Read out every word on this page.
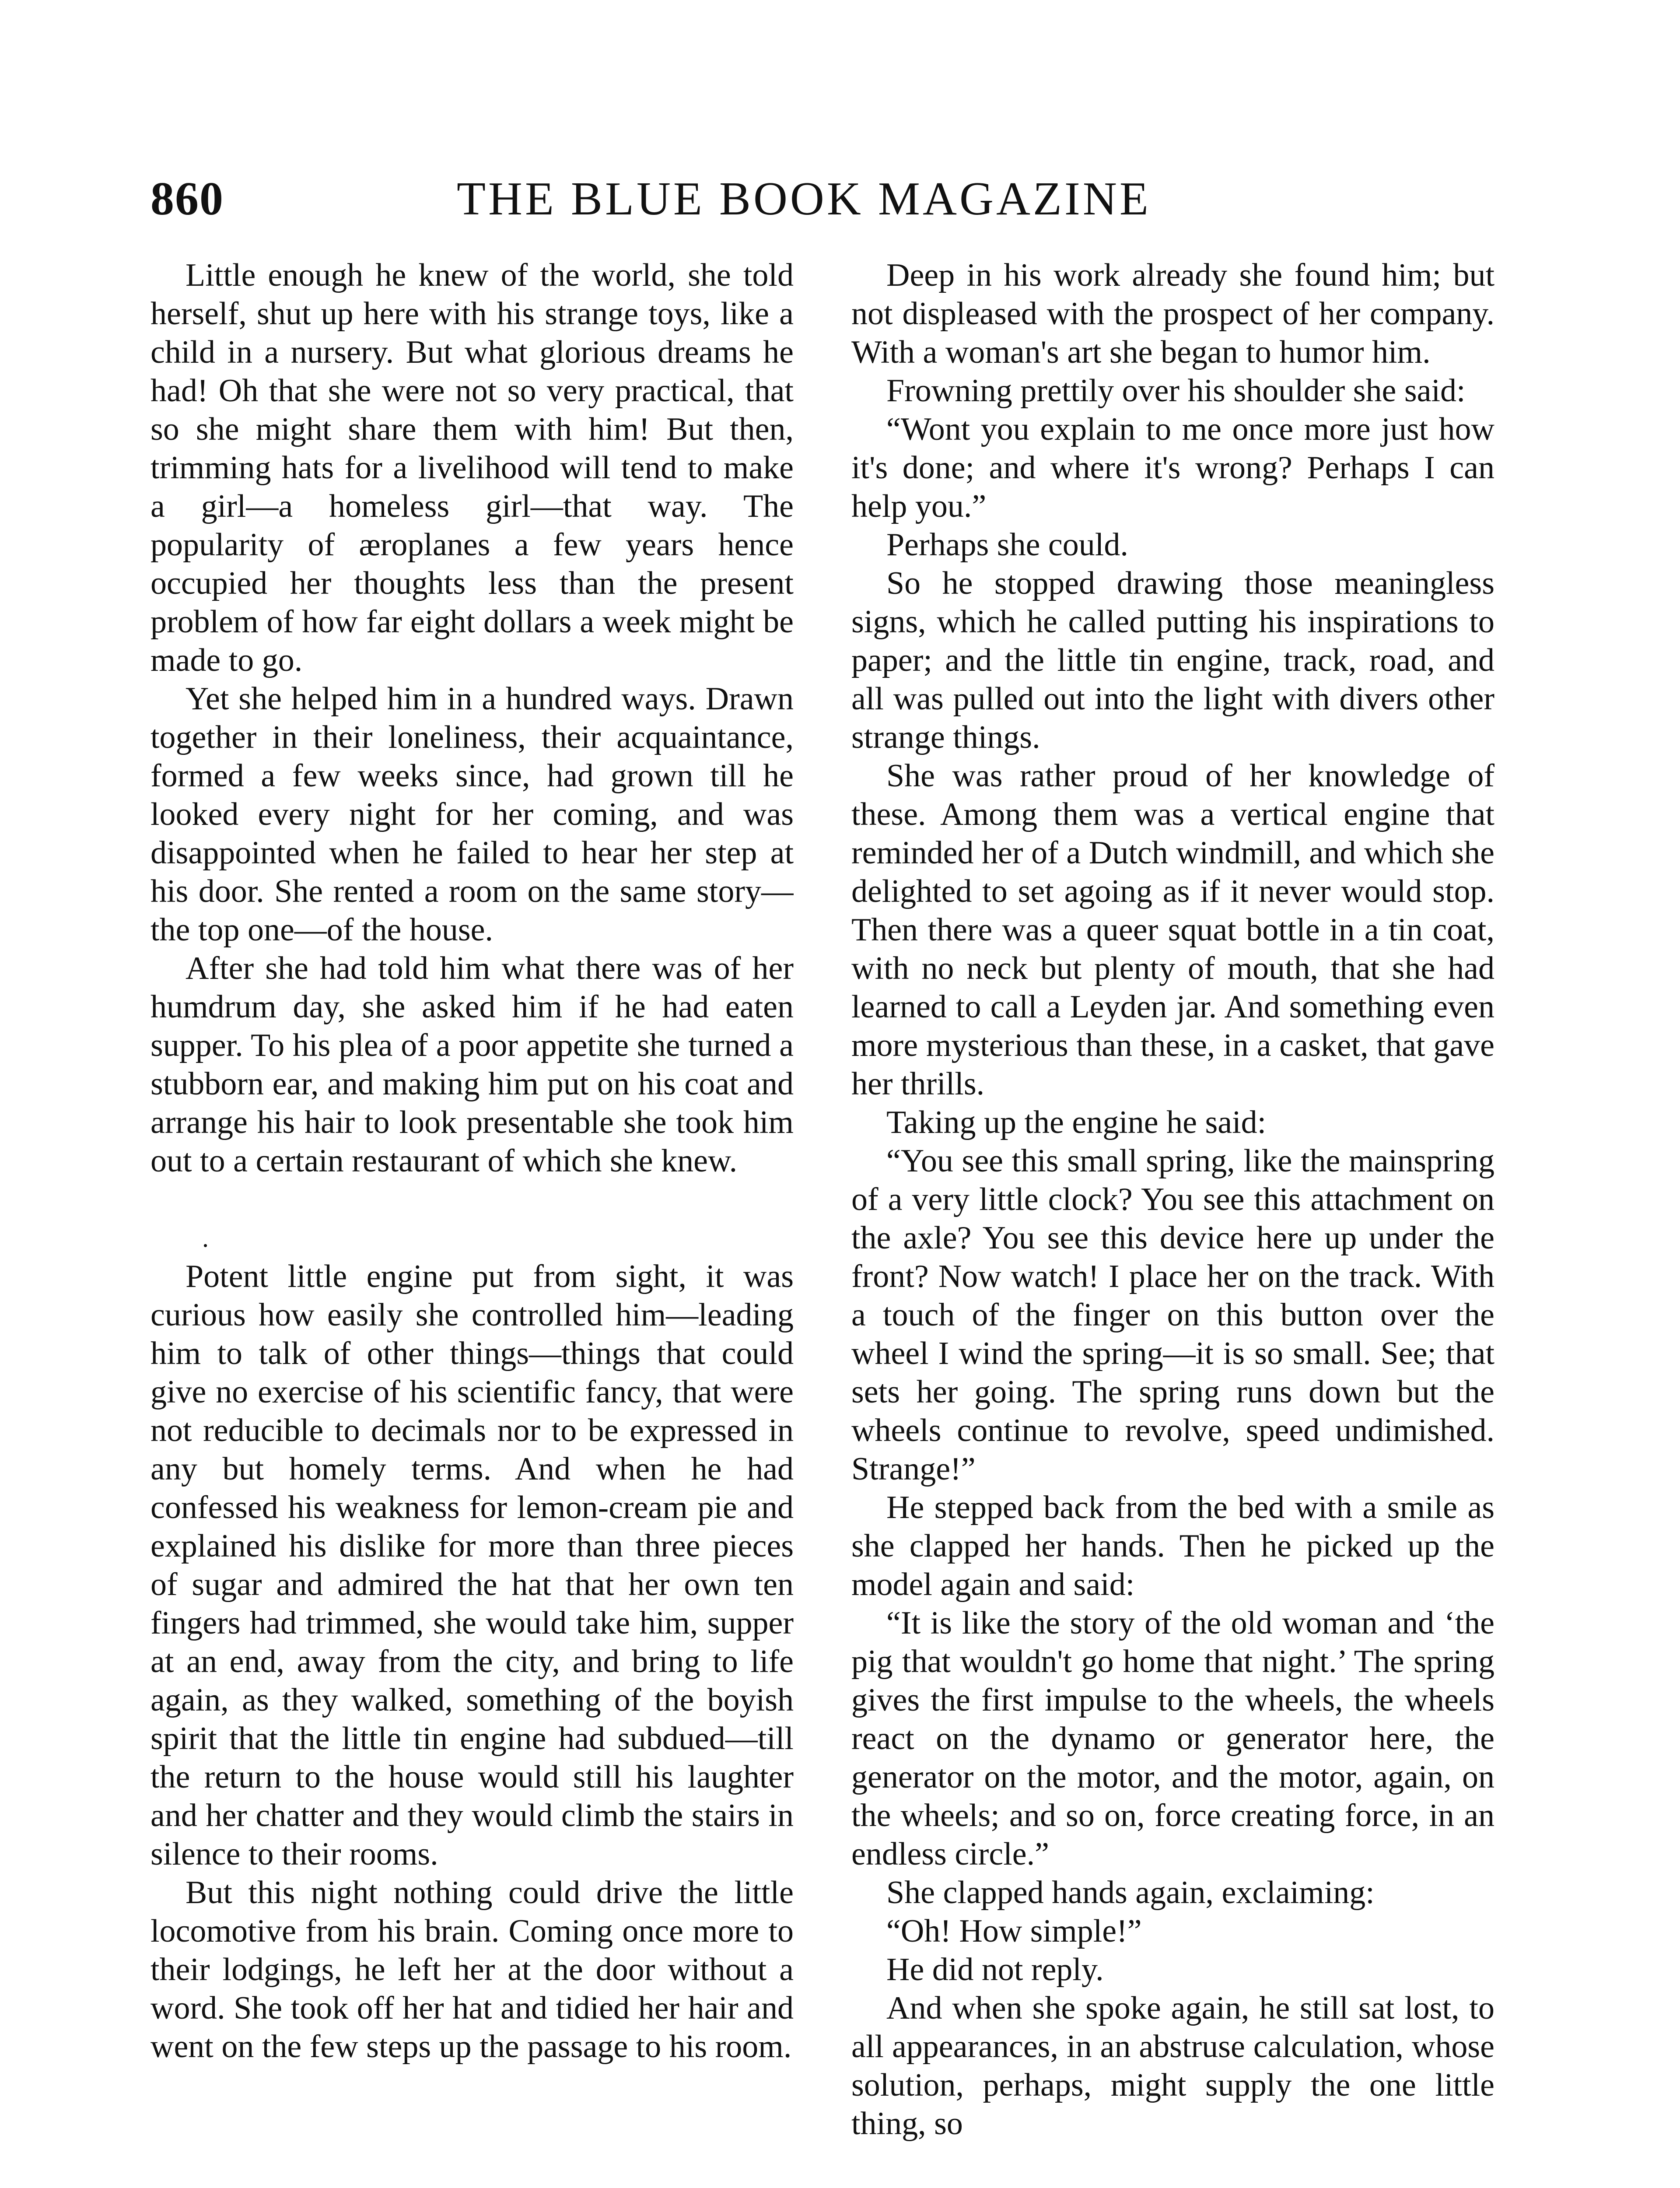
860	THE BLUE BOOK MAGAZINE

Little enough he knew of the world, she told herself, shut up here with his strange toys, like a child in a nursery. But what glorious dreams he had! Oh that she were not so very practical, that so she might share them with him! But then, trimming hats for a livelihood will tend to make a girl—a homeless girl—that way. The popularity of æroplanes a few years hence occupied her thoughts less than the present problem of how far eight dollars a week might be made to go.

Yet she helped him in a hundred ways. Drawn together in their loneliness, their acquaintance, formed a few weeks since, had grown till he looked every night for her coming, and was disappointed when he failed to hear her step at his door. She rented a room on the same story—the top one—of the house.

After she had told him what there was of her humdrum day, she asked him if he had eaten supper. To his plea of a poor appetite she turned a stubborn ear, and making him put on his coat and arrange his hair to look presentable she took him out to a certain restaurant of which she knew.

.

Potent little engine put from sight, it was curious how easily she controlled him—leading him to talk of other things—things that could give no exercise of his scientific fancy, that were not reducible to decimals nor to be expressed in any but homely terms. And when he had confessed his weakness for lemon-cream pie and explained his dislike for more than three pieces of sugar and admired the hat that her own ten fingers had trimmed, she would take him, supper at an end, away from the city, and bring to life again, as they walked, something of the boyish spirit that the little tin engine had subdued—till the return to the house would still his laughter and her chatter and they would climb the stairs in silence to their rooms.

But this night nothing could drive the little locomotive from his brain. Coming once more to their lodgings, he left her at the door without a word. She took off her hat and tidied her hair and went on the few steps up the passage to his room.

Deep in his work already she found him; but not displeased with the prospect of her company. With a woman's art she began to humor him.

Frowning prettily over his shoulder she said:

“Wont you explain to me once more just how it's done; and where it's wrong? Perhaps I can help you.”

Perhaps she could.

So he stopped drawing those meaningless signs, which he called putting his inspirations to paper; and the little tin engine, track, road, and all was pulled out into the light with divers other strange things.

She was rather proud of her knowledge of these. Among them was a vertical engine that reminded her of a Dutch windmill, and which she delighted to set agoing as if it never would stop. Then there was a queer squat bottle in a tin coat, with no neck but plenty of mouth, that she had learned to call a Leyden jar. And something even more mysterious than these, in a casket, that gave her thrills.

Taking up the engine he said:

“You see this small spring, like the mainspring of a very little clock? You see this attachment on the axle? You see this device here up under the front? Now watch! I place her on the track. With a touch of the finger on this button over the wheel I wind the spring—it is so small. See; that sets her going. The spring runs down but the wheels continue to revolve, speed undimished. Strange!”

He stepped back from the bed with a smile as she clapped her hands. Then he picked up the model again and said:

“It is like the story of the old woman and ‘the pig that wouldn't go home that night.’ The spring gives the first impulse to the wheels, the wheels react on the dynamo or generator here, the generator on the motor, and the motor, again, on the wheels; and so on, force creating force, in an endless circle.”

She clapped hands again, exclaiming:

“Oh! How simple!”

He did not reply.

And when she spoke again, he still sat lost, to all appearances, in an abstruse calculation, whose solution, perhaps, might supply the one little thing, so
